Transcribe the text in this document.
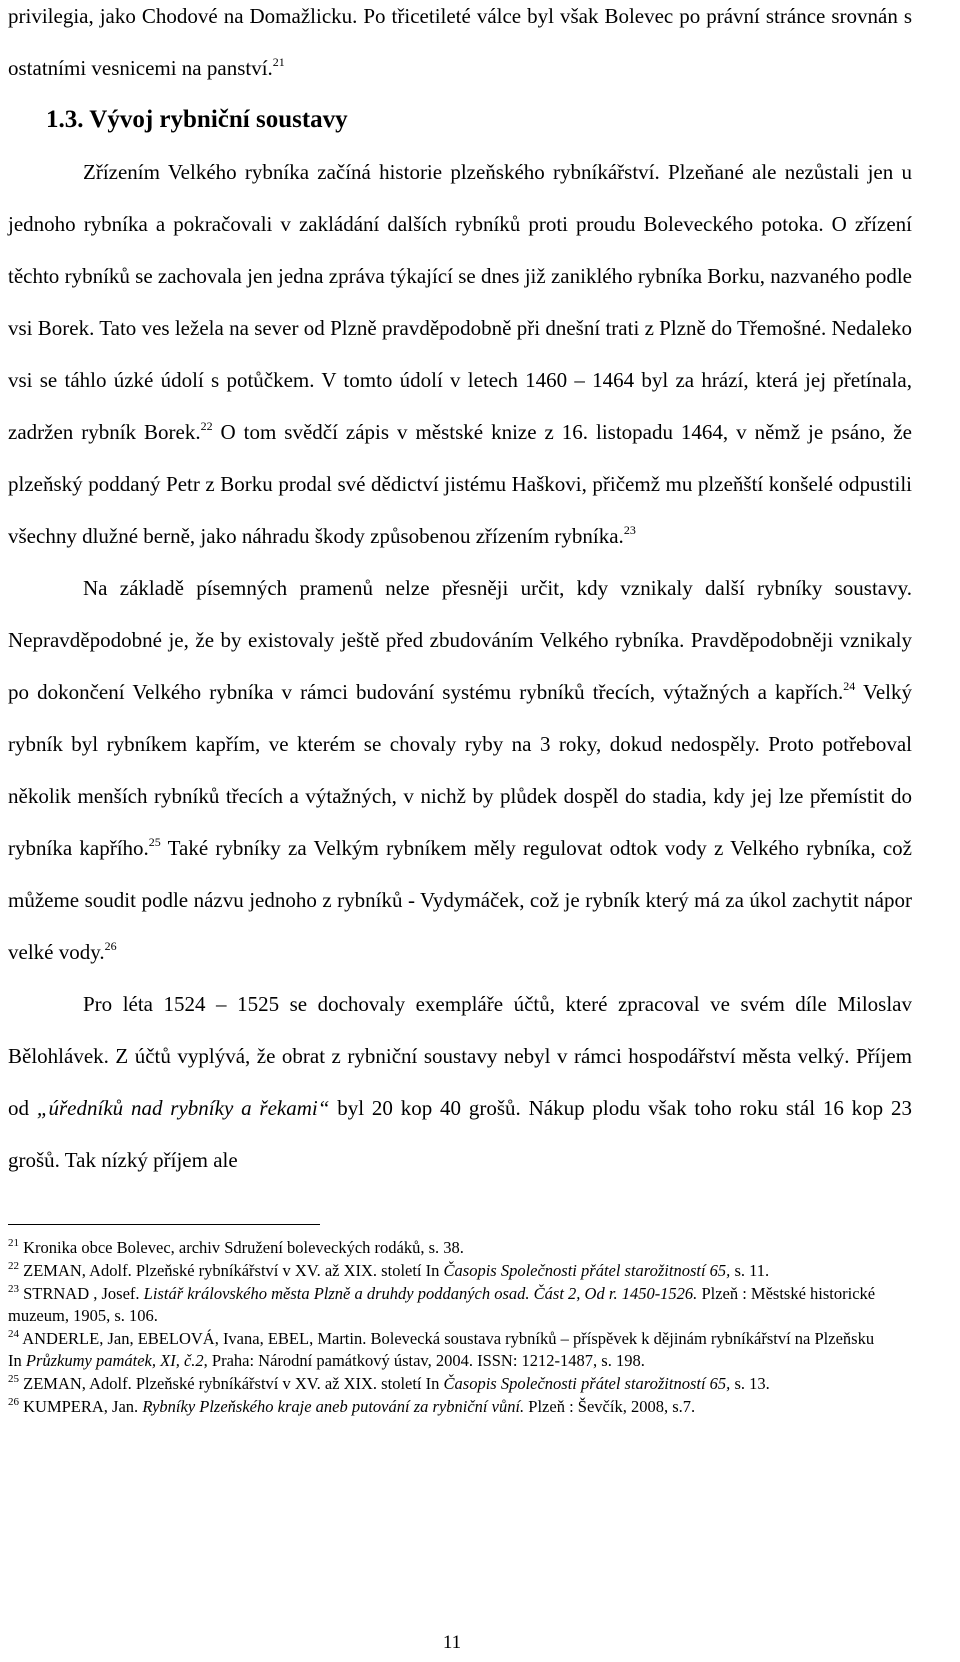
privilegia, jako Chodové na Domažlicku. Po třicetileté válce byl však Bolevec po právní stránce srovnán s ostatními vesnicemi na panství.$^{21}$

1.3. Vývoj rybniční soustavy

Zřízením Velkého rybníka začíná historie plzeňského rybníkářství. Plzeňané ale nezůstali jen u jednoho rybníka a pokračovali v zakládání dalších rybníků proti proudu Boleveckého potoka. O zřízení těchto rybníků se zachovala jen jedna zpráva týkající se dnes již zaniklého rybníka Borku, nazvaného podle vsi Borek. Tato ves ležela na sever od Plzně pravděpodobně při dnešní trati z Plzně do Třemošné. Nedaleko vsi se táhlo úzké údolí s potůčkem. V tomto údolí v letech 1460 – 1464 byl za hrází, která jej přetínala, zadržen rybník Borek.$^{22}$ O tom svědčí zápis v městské knize z 16. listopadu 1464, v němž je psáno, že plzeňský poddaný Petr z Borku prodal své dědictví jistému Haškovi, přičemž mu plzeňští konšelé odpustili všechny dlužné berně, jako náhradu škody způsobenou zřízením rybníka.$^{23}$

Na základě písemných pramenů nelze přesněji určit, kdy vznikaly další rybníky soustavy. Nepravděpodobné je, že by existovaly ještě před zbudováním Velkého rybníka. Pravděpodobněji vznikaly po dokončení Velkého rybníka v rámci budování systému rybníků třecích, výtažných a kapřích.$^{24}$ Velký rybník byl rybníkem kapřím, ve kterém se chovaly ryby na 3 roky, dokud nedospěly. Proto potřeboval několik menších rybníků třecích a výtažných, v nichž by plůdek dospěl do stadia, kdy jej lze přemístit do rybníka kapřího.$^{25}$ Také rybníky za Velkým rybníkem měly regulovat odtok vody z Velkého rybníka, což můžeme soudit podle názvu jednoho z rybníků - Vydymáček, což je rybník který má za úkol zachytit nápor velké vody.$^{26}$

Pro léta 1524 – 1525 se dochovaly exempláře účtů, které zpracoval ve svém díle Miloslav Bělohlávek. Z účtů vyplývá, že obrat z rybniční soustavy nebyl v rámci hospodářství města velký. Příjem od „úředníků nad rybníky a řekami“ byl 20 kop 40 grošů. Nákup plodu však toho roku stál 16 kop 23 grošů. Tak nízký příjem ale

$^{21}$ Kronika obce Bolevec, archiv Sdružení boleveckých rodáků, s. 38.

$^{22}$ ZEMAN, Adolf. Plzeňské rybníkářství v XV. až XIX. století In Časopis Společnosti přátel starožitností 65, s. 11.

$^{23}$ STRNAD , Josef. Listář královského města Plzně a druhdy poddaných osad. Část 2, Od r. 1450-1526. Plzeň : Městské historické muzeum, 1905, s. 106.

$^{24}$ ANDERLE, Jan, EBELOVÁ, Ivana, EBEL, Martin. Bolevecká soustava rybníků – příspěvek k dějinám rybníkářství na Plzeňsku In Průzkumy památek, XI, č.2, Praha: Národní památkový ústav, 2004. ISSN: 1212-1487, s. 198.

$^{25}$ ZEMAN, Adolf. Plzeňské rybníkářství v XV. až XIX. století In Časopis Společnosti přátel starožitností 65, s. 13.

$^{26}$ KUMPERA, Jan. Rybníky Plzeňského kraje aneb putování za rybniční vůní. Plzeň : Ševčík, 2008, s.7.

11
